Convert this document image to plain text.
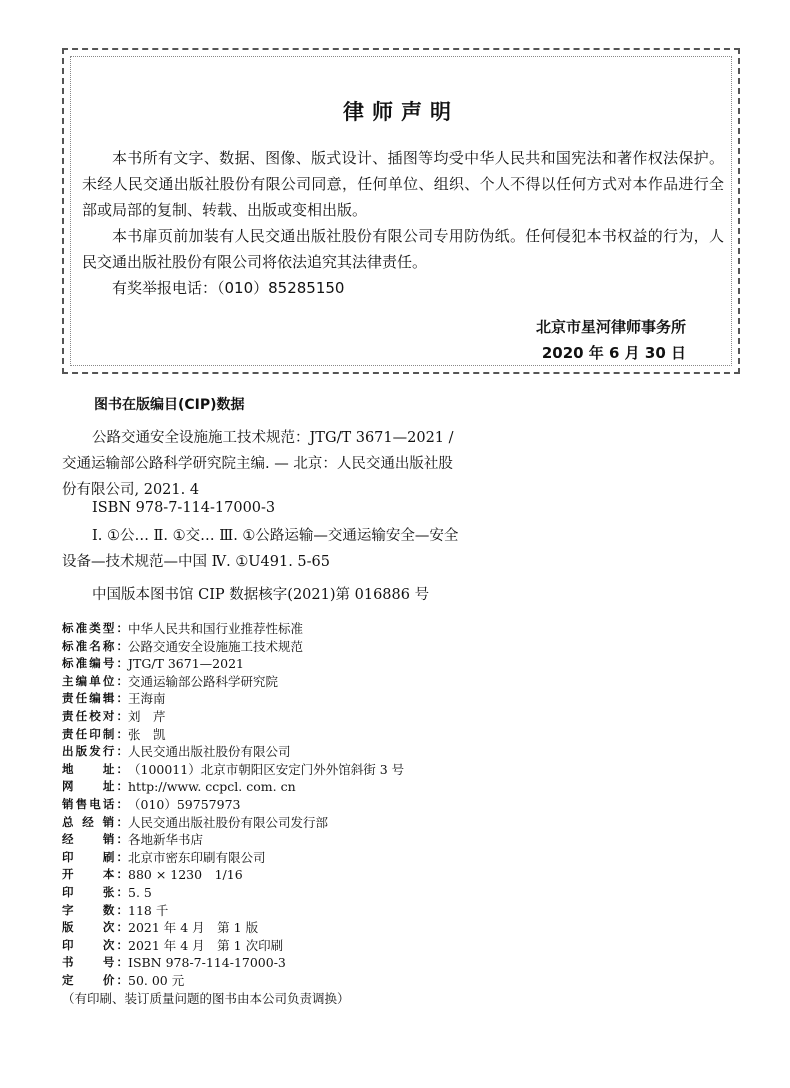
律师声明

本书所有文字、数据、图像、版式设计、插图等均受中华人民共和国宪法和著作权法保护。未经人民交通出版社股份有限公司同意，任何单位、组织、个人不得以任何方式对本作品进行全部或局部的复制、转载、出版或变相出版。

本书扉页前加装有人民交通出版社股份有限公司专用防伪纸。任何侵犯本书权益的行为，人民交通出版社股份有限公司将依法追究其法律责任。

有奖举报电话：（010）85285150

北京市星河律师事务所
2020 年 6 月 30 日
图书在版编目(CIP)数据

公路交通安全设施施工技术规范：JTG/T 3671—2021 / 交通运输部公路科学研究院主编. — 北京：人民交通出版社股份有限公司, 2021. 4

ISBN 978-7-114-17000-3

Ⅰ. ①公… Ⅱ. ①交… Ⅲ. ①公路运输—交通运输安全—安全设备—技术规范—中国 Ⅳ. ①U491. 5-65

中国版本图书馆 CIP 数据核字(2021)第 016886 号
标准类型： 中华人民共和国行业推荐性标准
标准名称： 公路交通安全设施施工技术规范
标准编号： JTG/T 3671—2021
主编单位： 交通运输部公路科学研究院
责任编辑： 王海南
责任校对： 刘　芹
责任印制： 张　凯
出版发行： 人民交通出版社股份有限公司
地　　址： （100011）北京市朝阳区安定门外外馆斜街 3 号
网　　址： http://www. ccpcl. com. cn
销售电话： （010）59757973
总 经 销： 人民交通出版社股份有限公司发行部
经　　销： 各地新华书店
印　　刷： 北京市密东印刷有限公司
开　　本： 880 × 1230　1/16
印　　张： 5. 5
字　　数： 118 千
版　　次： 2021 年 4 月　第 1 版
印　　次： 2021 年 4 月　第 1 次印刷
书　　号： ISBN 978-7-114-17000-3
定　　价： 50. 00 元
（有印刷、装订质量问题的图书由本公司负责调换）
